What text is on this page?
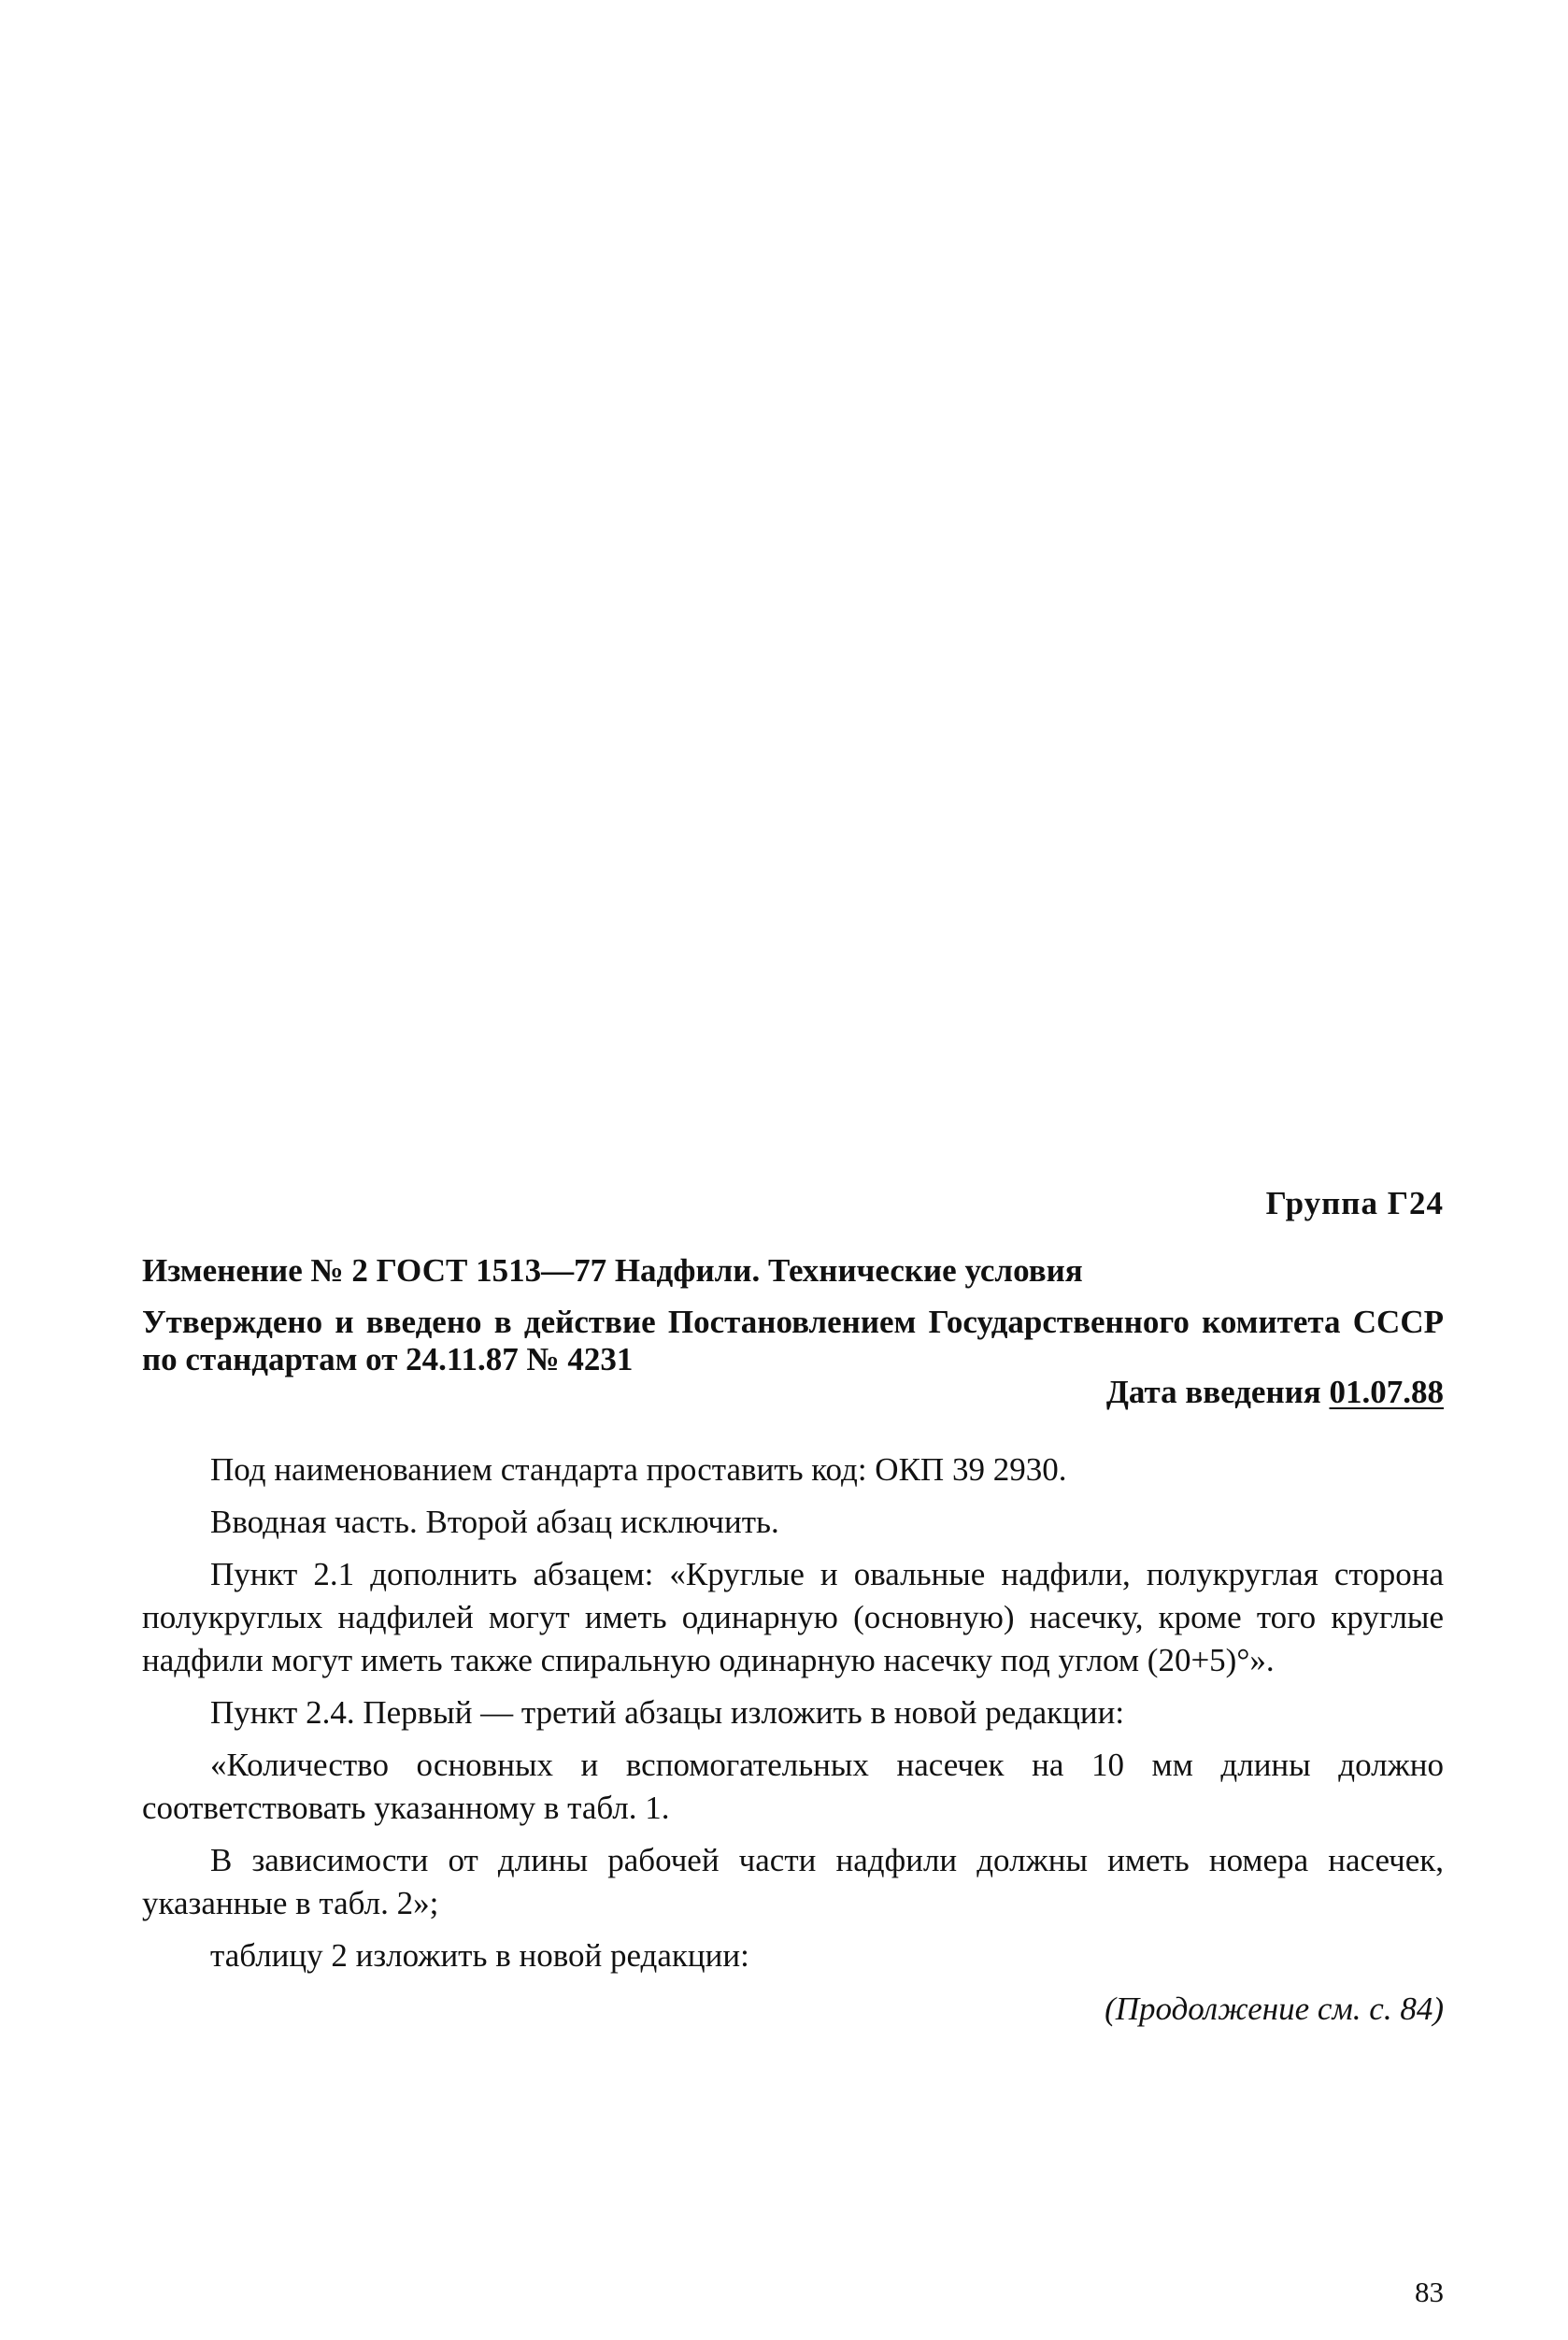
Группа Г24
Изменение № 2 ГОСТ 1513—77 Надфили. Технические условия
Утверждено и введено в действие Постановлением Государственного комитета СССР по стандартам от 24.11.87 № 4231
Дата введения 01.07.88

Под наименованием стандарта проставить код: ОКП 39 2930.

Вводная часть. Второй абзац исключить.

Пункт 2.1 дополнить абзацем: «Круглые и овальные надфили, полукруглая сторона полукруглых надфилей могут иметь одинарную (основную) насечку, кроме того круглые надфили могут иметь также спиральную одинарную насечку под углом (20+5)°».

Пункт 2.4. Первый — третий абзацы изложить в новой редакции:

«Количество основных и вспомогательных насечек на 10 мм длины должно соответствовать указанному в табл. 1.

В зависимости от длины рабочей части надфили должны иметь номера насечек, указанные в табл. 2»;

таблицу 2 изложить в новой редакции:

(Продолжение см. с. 84)
83
